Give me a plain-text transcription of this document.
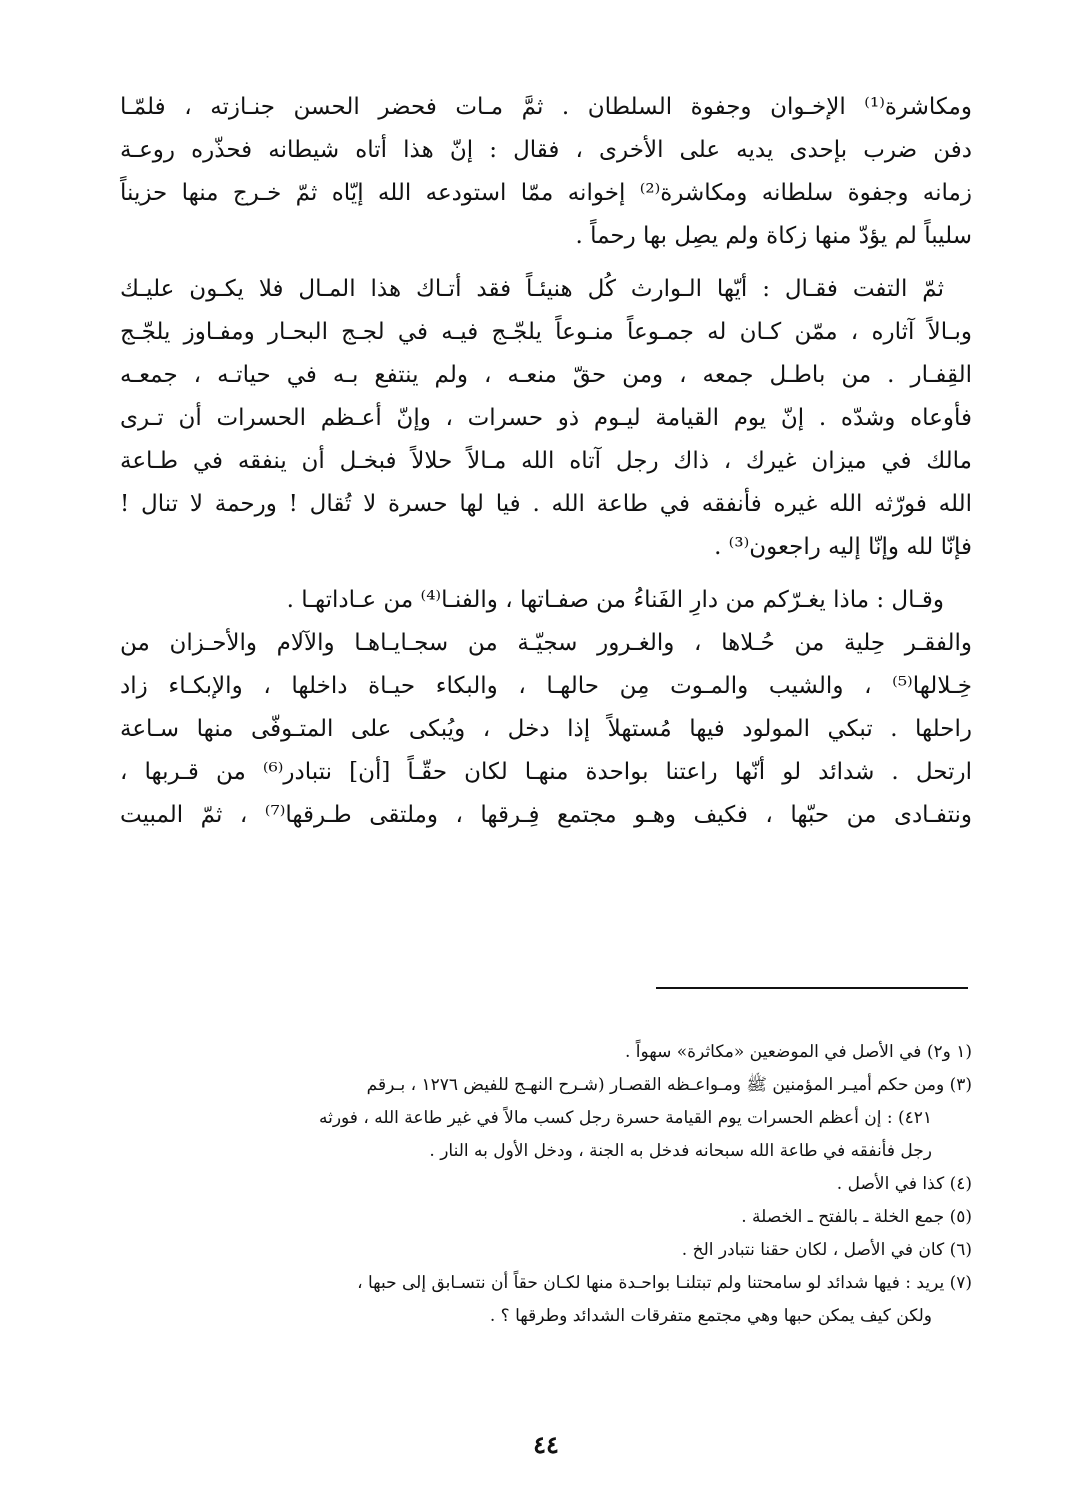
ومكاشرة⁽¹⁾ الإخـوان وجفوة السلطان . ثمَّ مـات فحضر الحسن جنـازته ، فلمّـا
دفن ضرب بإحدى يديه على الأخرى ، فقال : إنّ هذا أتاه شيطانه فحذّره روعـة
زمانه وجفوة سلطانه ومكاشرة⁽²⁾ إخوانه ممّا استودعه الله إيّاه ثمّ خـرج منها حزيناً
سليباً لم يؤدّ منها زكاة ولم يصِل بها رحماً .

ثمّ التفت فقـال : أيّها الـوارث كُل هنيئـاً فقد أتـاك هذا المـال فلا يكـون عليـك
وبـالاً آثاره ، ممّن كـان له جمـوعاً منـوعاً يلجّـج فيـه في لجـج البحـار ومفـاوز يلجّـج
القِفـار . من باطـل جمعه ، ومن حقّ منعـه ، ولم ينتفع بـه في حياتـه ، جمعـه
فأوعاه وشدّه . إنّ يوم القيامة ليـوم ذو حسرات ، وإنّ أعـظم الحسرات أن تـرى
مالك في ميزان غيرك ، ذاك رجل آتاه الله مـالاً حلالاً فبخـل أن ينفقه في طـاعة
الله فورّثه الله غيره فأنفقه في طاعة الله . فيا لها حسرة لا تُقال ! ورحمة لا تنال !
فإنّا لله وإنّا إليه راجعون⁽³⁾ .

وقـال : ماذا يغـرّكم من دارِ الفَناءُ من صفـاتها ، والفنـا⁽⁴⁾ من عـاداتهـا .
والفقـر حِلية من حُـلاها ، والغـرور سجيّـة من سجـايـاهـا والآلام والأحـزان من
خِـلالها⁽⁵⁾ ، والشيب والمـوت مِن حالهـا ، والبكاء حيـاة داخلها ، والإبكـاء زاد
راحلها . تبكي المولود فيها مُستهلاً إذا دخل ، ويُبكى على المتـوفّى منها سـاعة
ارتحل . شدائد لو أنّها راعتنا بواحدة منهـا لكان حقّـاً [أن] نتبادر⁽⁶⁾ من قـربها ،
ونتفـادى من حبّها ، فكيف وهـو مجتمع فِـرقها ، وملتقى طـرقها⁽⁷⁾ ، ثمّ المبيت

(١ و٢) في الأصل في الموضعين «مكاثرة» سهواً .
(٣) ومن حكم أميـر المؤمنين ﷺ ومـواعـظه القصـار (شـرح النهـج للفيض ١٢٧٦ ، بـرقم
٤٢١) : إن أعظم الحسرات يوم القيامة حسرة رجل كسب مالاً في غير طاعة الله ، فورثه
رجل فأنفقه في طاعة الله سبحانه فدخل به الجنة ، ودخل الأول به النار .
(٤) كذا في الأصل .
(٥) جمع الخلة ـ بالفتح ـ الخصلة .
(٦) كان في الأصل ، لكان حقنا نتبادر الخ .
(٧) يريد : فيها شدائد لو سامحتنا ولم تبتلنـا بواحـدة منها لكـان حقاً أن نتسـابق إلى حبها ،
ولكن كيف يمكن حبها وهي مجتمع متفرقات الشدائد وطرقها ؟ .
٤٤
